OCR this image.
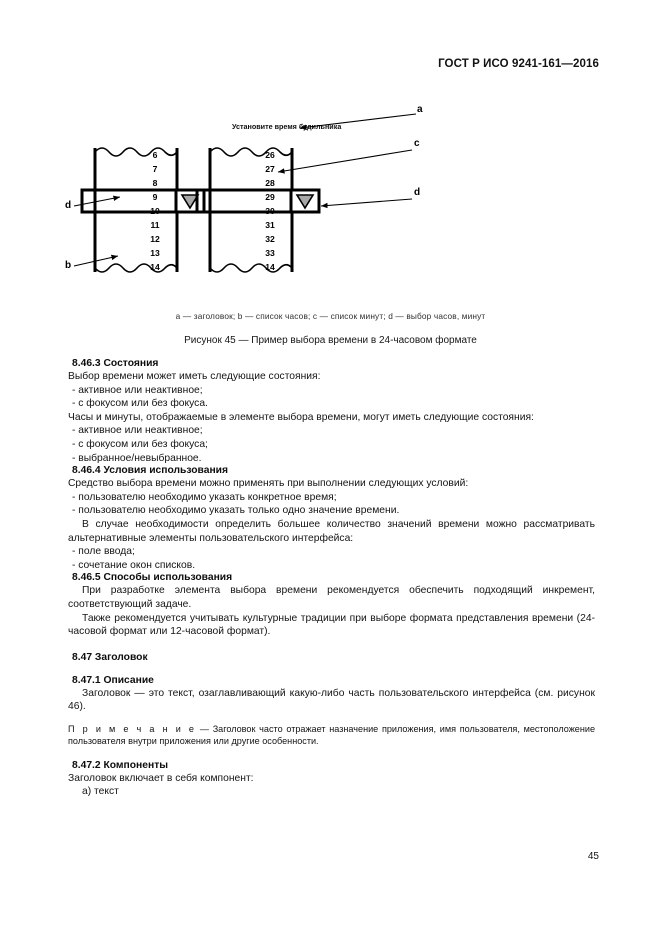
ГОСТ Р ИСО 9241-161—2016
Установите время будильника
a
6
7
8
9
10
11
12
13
14
26
27
28
29
30
31
32
33
14
c
d
d
b
a — заголовок; b — список часов; c — список минут; d — выбор часов, минут
Рисунок 45 — Пример выбора времени в 24-часовом формате
8.46.3 Состояния

Выбор времени может иметь следующие состояния:

- активное или неактивное;
- с фокусом или без фокуса.

Часы и минуты, отображаемые в элементе выбора времени, могут иметь следующие состояния:

- активное или неактивное;
- с фокусом или без фокуса;
- выбранное/невыбранное.
8.46.4 Условия использования

Средство выбора времени можно применять при выполнении следующих условий:

- пользователю необходимо указать конкретное время;
- пользователю необходимо указать только одно значение времени.

В случае необходимости определить большее количество значений времени можно рассматривать альтернативные элементы пользовательского интерфейса:

- поле ввода;
- сочетание окон списков.
8.46.5 Способы использования

При разработке элемента выбора времени рекомендуется обеспечить подходящий инкремент, соответствующий задаче.

Также рекомендуется учитывать культурные традиции при выборе формата представления времени (24-часовой формат или 12-часовой формат).

8.47 Заголовок
8.47.1 Описание

Заголовок — это текст, озаглавливающий какую-либо часть пользовательского интерфейса (см. рисунок 46).

П р и м е ч а н и е — Заголовок часто отражает назначение приложения, имя пользователя, местоположение пользователя внутри приложения или другие особенности.

8.47.2 Компоненты

Заголовок включает в себя компонент:

a) текст
45
